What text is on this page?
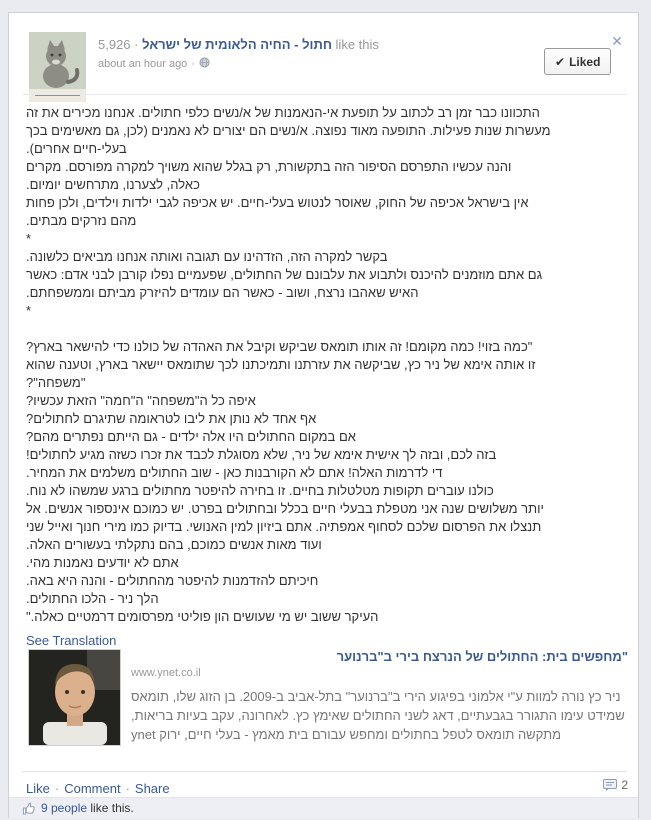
5,926 · חתול - החיה הלאומית של ישראל like this
about an hour ago ·	✔ Liked
✕
התכוונו כבר זמן רב לכתוב על תופעת אי-הנאמנות של א/נשים כלפי חתולים. אנחנו מכירים את זה
מעשרות שנות פעילות. התופעה מאוד נפוצה. א/נשים הם יצורים לא נאמנים (לכן, גם מאשימים בכך
בעלי-חיים אחרים).
והנה עכשיו התפרסם הסיפור הזה בתקשורת, רק בגלל שהוא משויך למקרה מפורסם. מקרים
כאלה, לצערנו, מתרחשים יומיום.
אין בישראל אכיפה של החוק, שאוסר לנטוש בעלי-חיים. יש אכיפה לגבי ילדות וילדים, ולכן פחות
מהם נזרקים מבתים.
*
בקשר למקרה הזה, הזדהינו עם תגובה ואותה אנחנו מביאים כלשונה.
גם אתם מוזמנים להיכנס ולתבוע את עלבונם של החתולים, שפעמיים נפלו קורבן לבני אדם: כאשר
האיש שאהבו נרצח, ושוב - כאשר הם עומדים להיזרק מביתם וממשפחתם.
*
"כמה בזוי! כמה מקומם! זה אותו תומאס שביקש וקיבל את האהדה של כולנו כדי להישאר בארץ?
זו אותה אימא של ניר כץ, שביקשה את עזרתנו ותמיכתנו לכך שתומאס יישאר בארץ, וטענה שהוא
"משפחה"?
איפה כל ה"משפחה" ה"חמה" הזאת עכשיו?
אף אחד לא נותן את ליבו לטראומה שתיגרם לחתולים?
אם במקום החתולים היו אלה ילדים - גם הייתם נפתרים מהם?
בזה לכם, ובזה לך אישית אימא של ניר, שלא מסוגלת לכבד את זכרו כשזה מגיע לחתולים!
די לדרמות האלה! אתם לא הקורבנות כאן - שוב החתולים משלמים את המחיר.
כולנו עוברים תקופות מטלטלות בחיים. זו בחירה להיפטר מחתולים ברגע שמשהו לא נוח.
יותר משלושים שנה אני מטפלת בבעלי חיים בכלל ובחתולים בפרט. יש כמוכם אינספור אנשים. אל
תנצלו את הפרסום שלכם לסחוף אמפתיה. אתם ביזיון למין האנושי. בדיוק כמו מירי חנוך ואייל שני
ועוד מאות אנשים כמוכם, בהם נתקלתי בעשורים האלה.
אתם לא יודעים נאמנות מהי.
חיכיתם להזדמנות להיפטר מהחתולים - והנה היא באה.
הלך ניר - הלכו החתולים.
העיקר ששוב יש מי שעושים הון פוליטי מפרסומים דרמטיים כאלה."
See Translation
"מחפשים בית: החתולים של הנרצח בירי ב"ברנוער
www.ynet.co.il
ניר כץ נורה למוות ע"י אלמוני בפיגוע הירי ב"ברנוער" בתל-אביב ב-2009. בן הזוג שלו, תומאס
שמידט עימו התגורר בגבעתיים, דאג לשני החתולים שאימץ כץ. לאחרונה, עקב בעיות בריאות,
מתקשה תומאס לטפל בחתולים ומחפש עבורם בית מאמץ - בעלי חיים, ירוק ynet
Like · Comment · Share	2
9 people like this.
